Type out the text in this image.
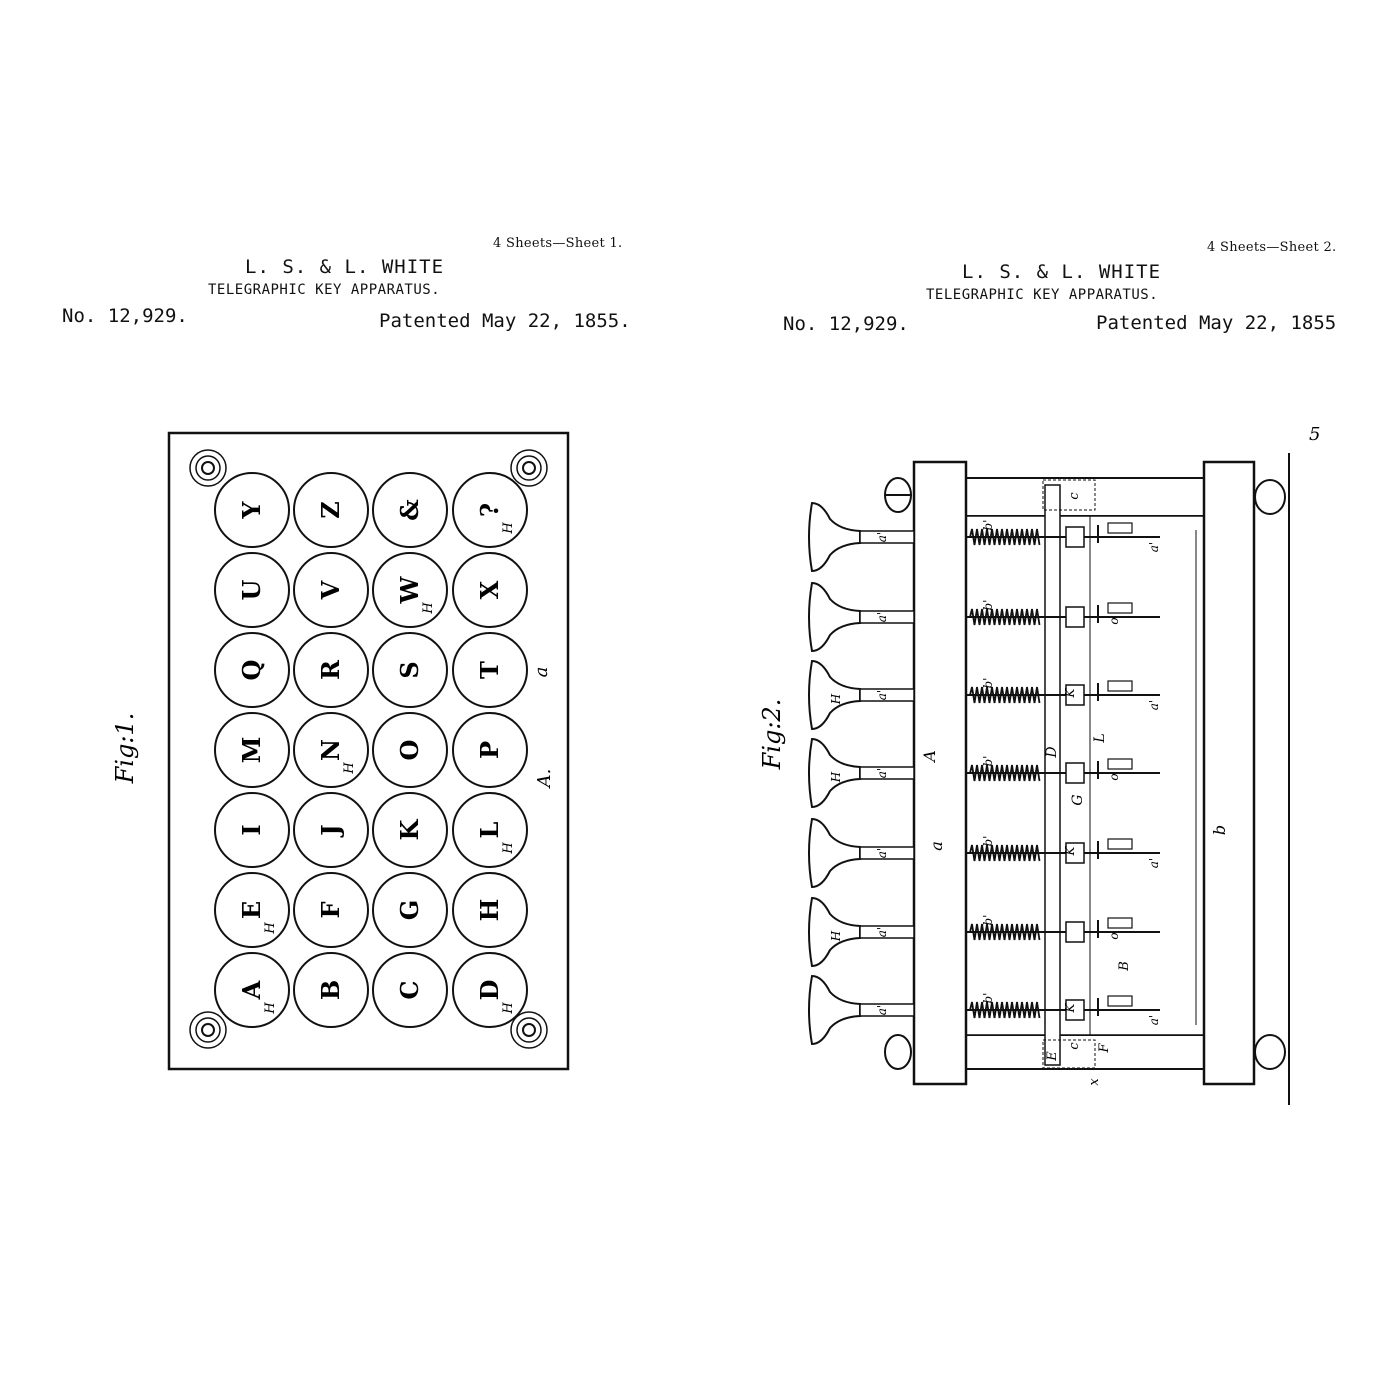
4 Sheets—Sheet 1.
L. S. & L. WHITE
TELEGRAPHIC KEY APPARATUS.
No. 12,929.	Patented May 22, 1855.
4 Sheets—Sheet 2.
L. S. & L. WHITE
TELEGRAPHIC KEY APPARATUS.
No. 12,929.	Patented May 22, 1855
Fig:1.
Y Z & ?
H
U V W
H
X
Q R S T
M N
H
O P
I J K L
H
E
H
F G H
A
H
B C D
H
a
A.
5
Fig:2.
a'
b'
a'
a'
b'
o
a'
b'
a'
K
H
a'
b'
o
H
a'
b'
a'
K
a'
b'
o
H
a'
b'
a'
K
A
a
b
D
L
G
E
c
c
F
B
x
